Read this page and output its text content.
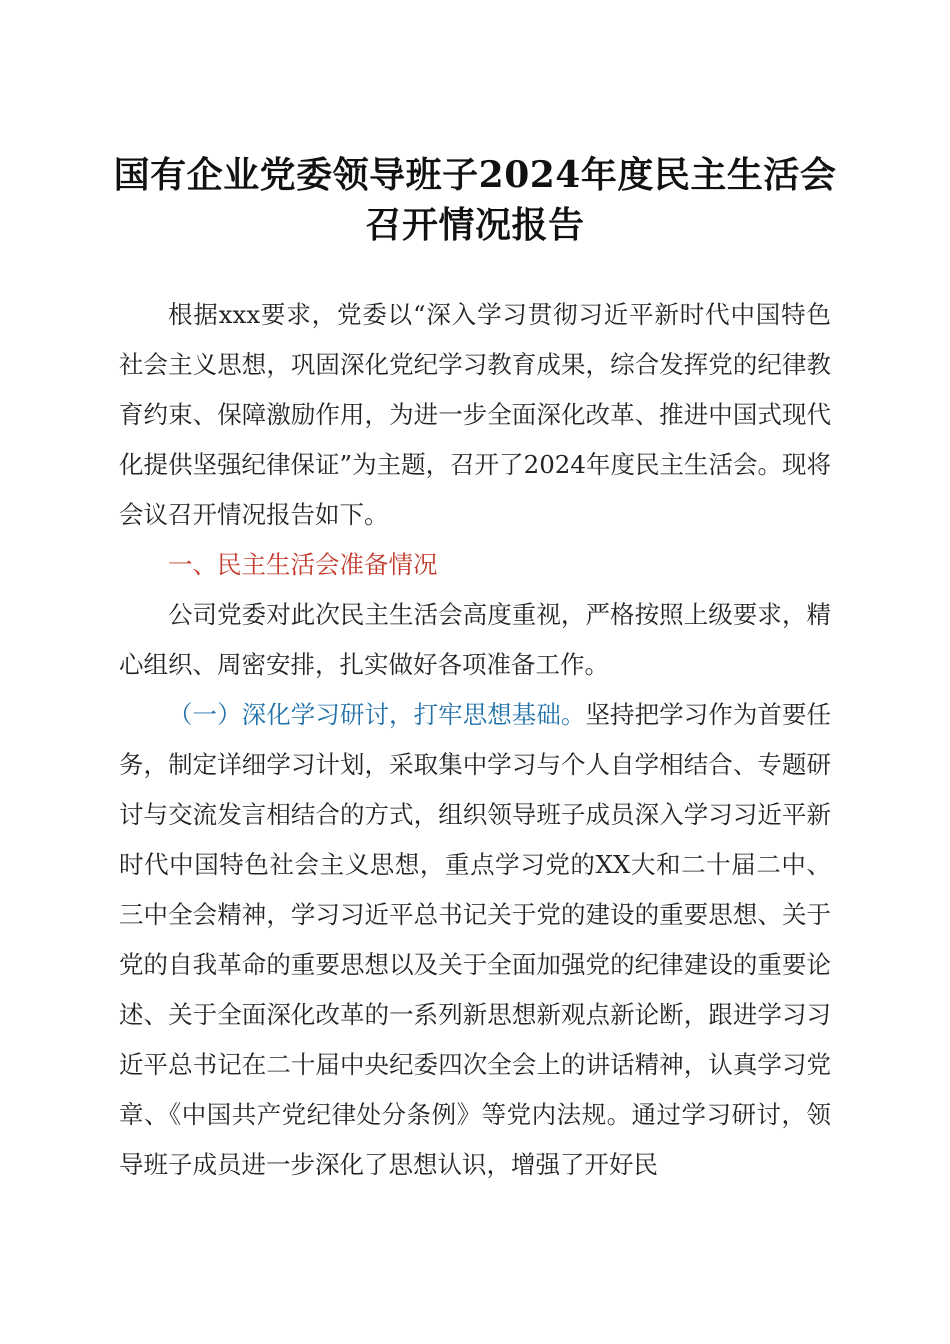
国有企业党委领导班子2024年度民主生活会召开情况报告

根据xxx要求，党委以“深入学习贯彻习近平新时代中国特色社会主义思想，巩固深化党纪学习教育成果，综合发挥党的纪律教育约束、保障激励作用，为进一步全面深化改革、推进中国式现代化提供坚强纪律保证”为主题，召开了2024年度民主生活会。现将会议召开情况报告如下。

一、民主生活会准备情况

公司党委对此次民主生活会高度重视，严格按照上级要求，精心组织、周密安排，扎实做好各项准备工作。

（一）深化学习研讨，打牢思想基础。坚持把学习作为首要任务，制定详细学习计划，采取集中学习与个人自学相结合、专题研讨与交流发言相结合的方式，组织领导班子成员深入学习习近平新时代中国特色社会主义思想，重点学习党的XX大和二十届二中、三中全会精神，学习习近平总书记关于党的建设的重要思想、关于党的自我革命的重要思想以及关于全面加强党的纪律建设的重要论述、关于全面深化改革的一系列新思想新观点新论断，跟进学习习近平总书记在二十届中央纪委四次全会上的讲话精神，认真学习党章、《中国共产党纪律处分条例》等党内法规。通过学习研讨，领导班子成员进一步深化了思想认识，增强了开好民
